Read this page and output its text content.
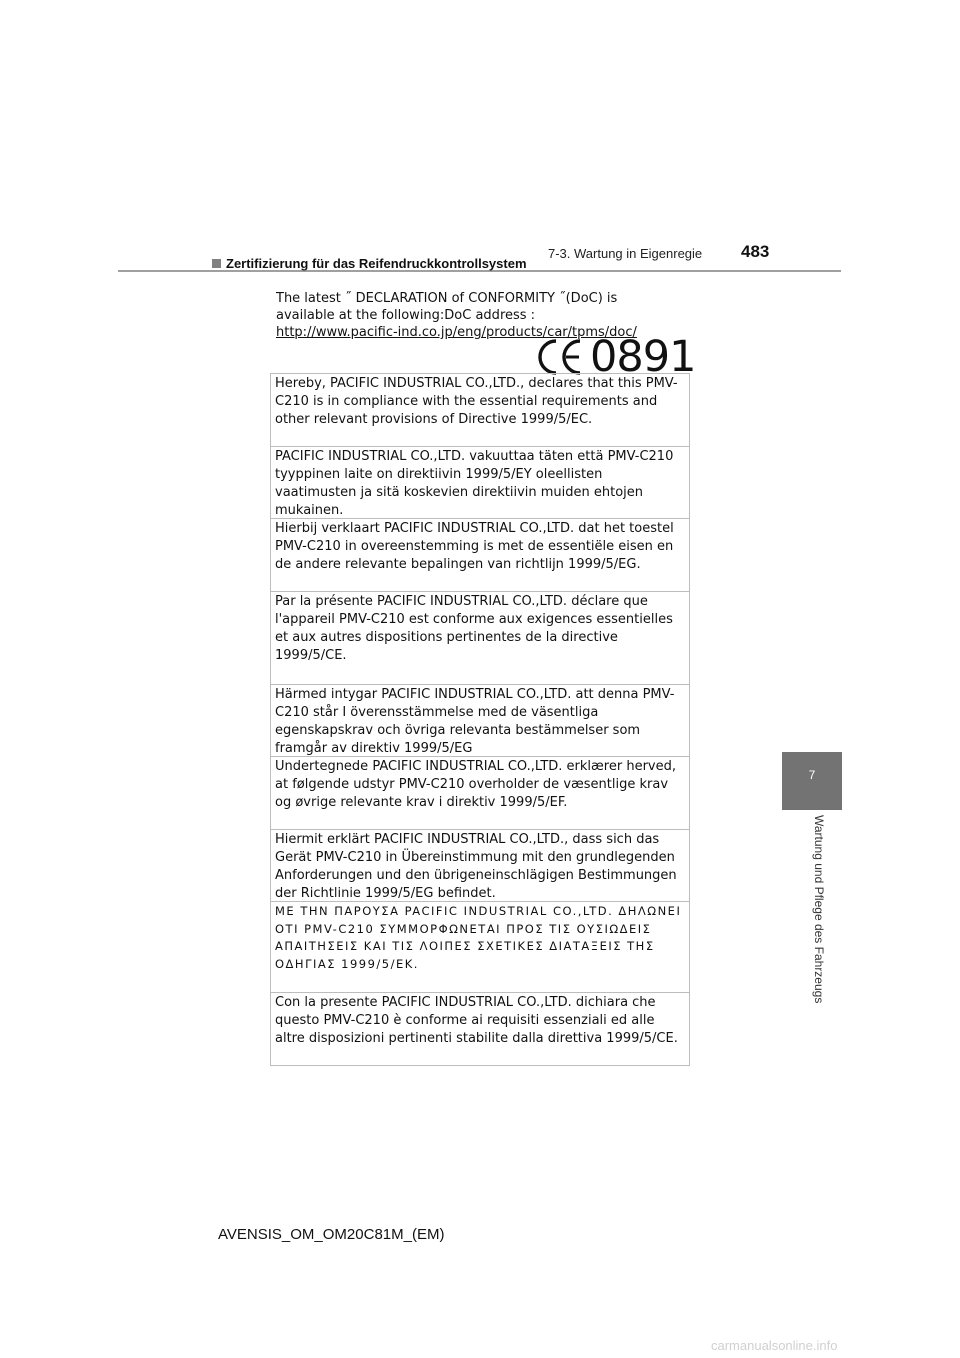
7-3. Wartung in Eigenregie 483
7
Wartung und Pflege des Fahrzeugs
Zertifizierung für das Reifendruckkontrollsystem
The latest ˝ DECLARATION of CONFORMITY ˝(DoC) is
available at the following:DoC address :
http://www.pacific-ind.co.jp/eng/products/car/tpms/doc/
0891
Hereby, PACIFIC INDUSTRIAL CO.,LTD., declares that this PMV-C210 is in compliance with the essential requirements and other relevant provisions of Directive 1999/5/EC.
PACIFIC INDUSTRIAL CO.,LTD. vakuuttaa täten että PMV-C210 tyyppinen laite on direktiivin 1999/5/EY oleellisten vaatimusten ja sitä koskevien direktiivin muiden ehtojen mukainen.
Hierbij verklaart PACIFIC INDUSTRIAL CO.,LTD. dat het toestel PMV-C210 in overeenstemming is met de essentiële eisen en de andere relevante bepalingen van richtlijn 1999/5/EG.
Par la présente PACIFIC INDUSTRIAL CO.,LTD. déclare que l'appareil PMV-C210 est conforme aux exigences essentielles et aux autres dispositions pertinentes de la directive 1999/5/CE.
Härmed intygar PACIFIC INDUSTRIAL CO.,LTD. att denna PMV-C210 står I överensstämmelse med de väsentliga egenskapskrav och övriga relevanta bestämmelser som framgår av direktiv 1999/5/EG
Undertegnede PACIFIC INDUSTRIAL CO.,LTD. erklærer herved, at følgende udstyr PMV-C210 overholder de væsentlige krav og øvrige relevante krav i direktiv 1999/5/EF.
Hiermit erklärt PACIFIC INDUSTRIAL CO.,LTD., dass sich das Gerät PMV-C210 in Übereinstimmung mit den grundlegenden Anforderungen und den übrigeneinschlägigen Bestimmungen der Richtlinie 1999/5/EG befindet.
ΜΕ ΤΗΝ ΠΑΡΟΥΣΑ PACIFIC INDUSTRIAL CO.,LTD. ΔΗΛΩΝΕΙ ΟΤΙ PMV-C210 ΣΥΜΜΟΡΦΩΝΕΤΑΙ ΠΡΟΣ ΤΙΣ ΟΥΣΙΩΔΕΙΣ ΑΠΑΙΤΗΣΕΙΣ ΚΑΙ ΤΙΣ ΛΟΙΠΕΣ ΣΧΕΤΙΚΕΣ ΔΙΑΤΑΞΕΙΣ ΤΗΣ ΟΔΗΓΙΑΣ 1999/5/ΕΚ.
Con la presente PACIFIC INDUSTRIAL CO.,LTD. dichiara che questo PMV-C210 è conforme ai requisiti essenziali ed alle altre disposizioni pertinenti stabilite dalla direttiva 1999/5/CE.
AVENSIS_OM_OM20C81M_(EM)
carmanualsonline.info
